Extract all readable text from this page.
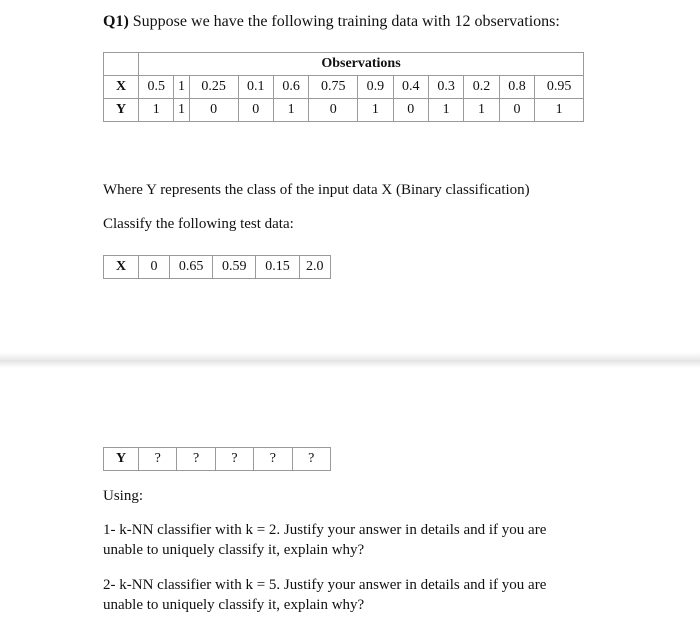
Q1) Suppose we have the following training data with 12 observations:
	Observations											
X	0.5	1	0.25	0.1	0.6	0.75	0.9	0.4	0.3	0.2	0.8	0.95
Y	1	1	0	0	1	0	1	0	1	1	0	1
Where Y represents the class of the input data X (Binary classification)
Classify the following test data:
X	0	0.65	0.59	0.15	2.0
Y	?	?	?	?	?
Using:
1- k-NN classifier with k = 2. Justify your answer in details and if you are
unable to uniquely classify it, explain why?
2- k-NN classifier with k = 5. Justify your answer in details and if you are
unable to uniquely classify it, explain why?
